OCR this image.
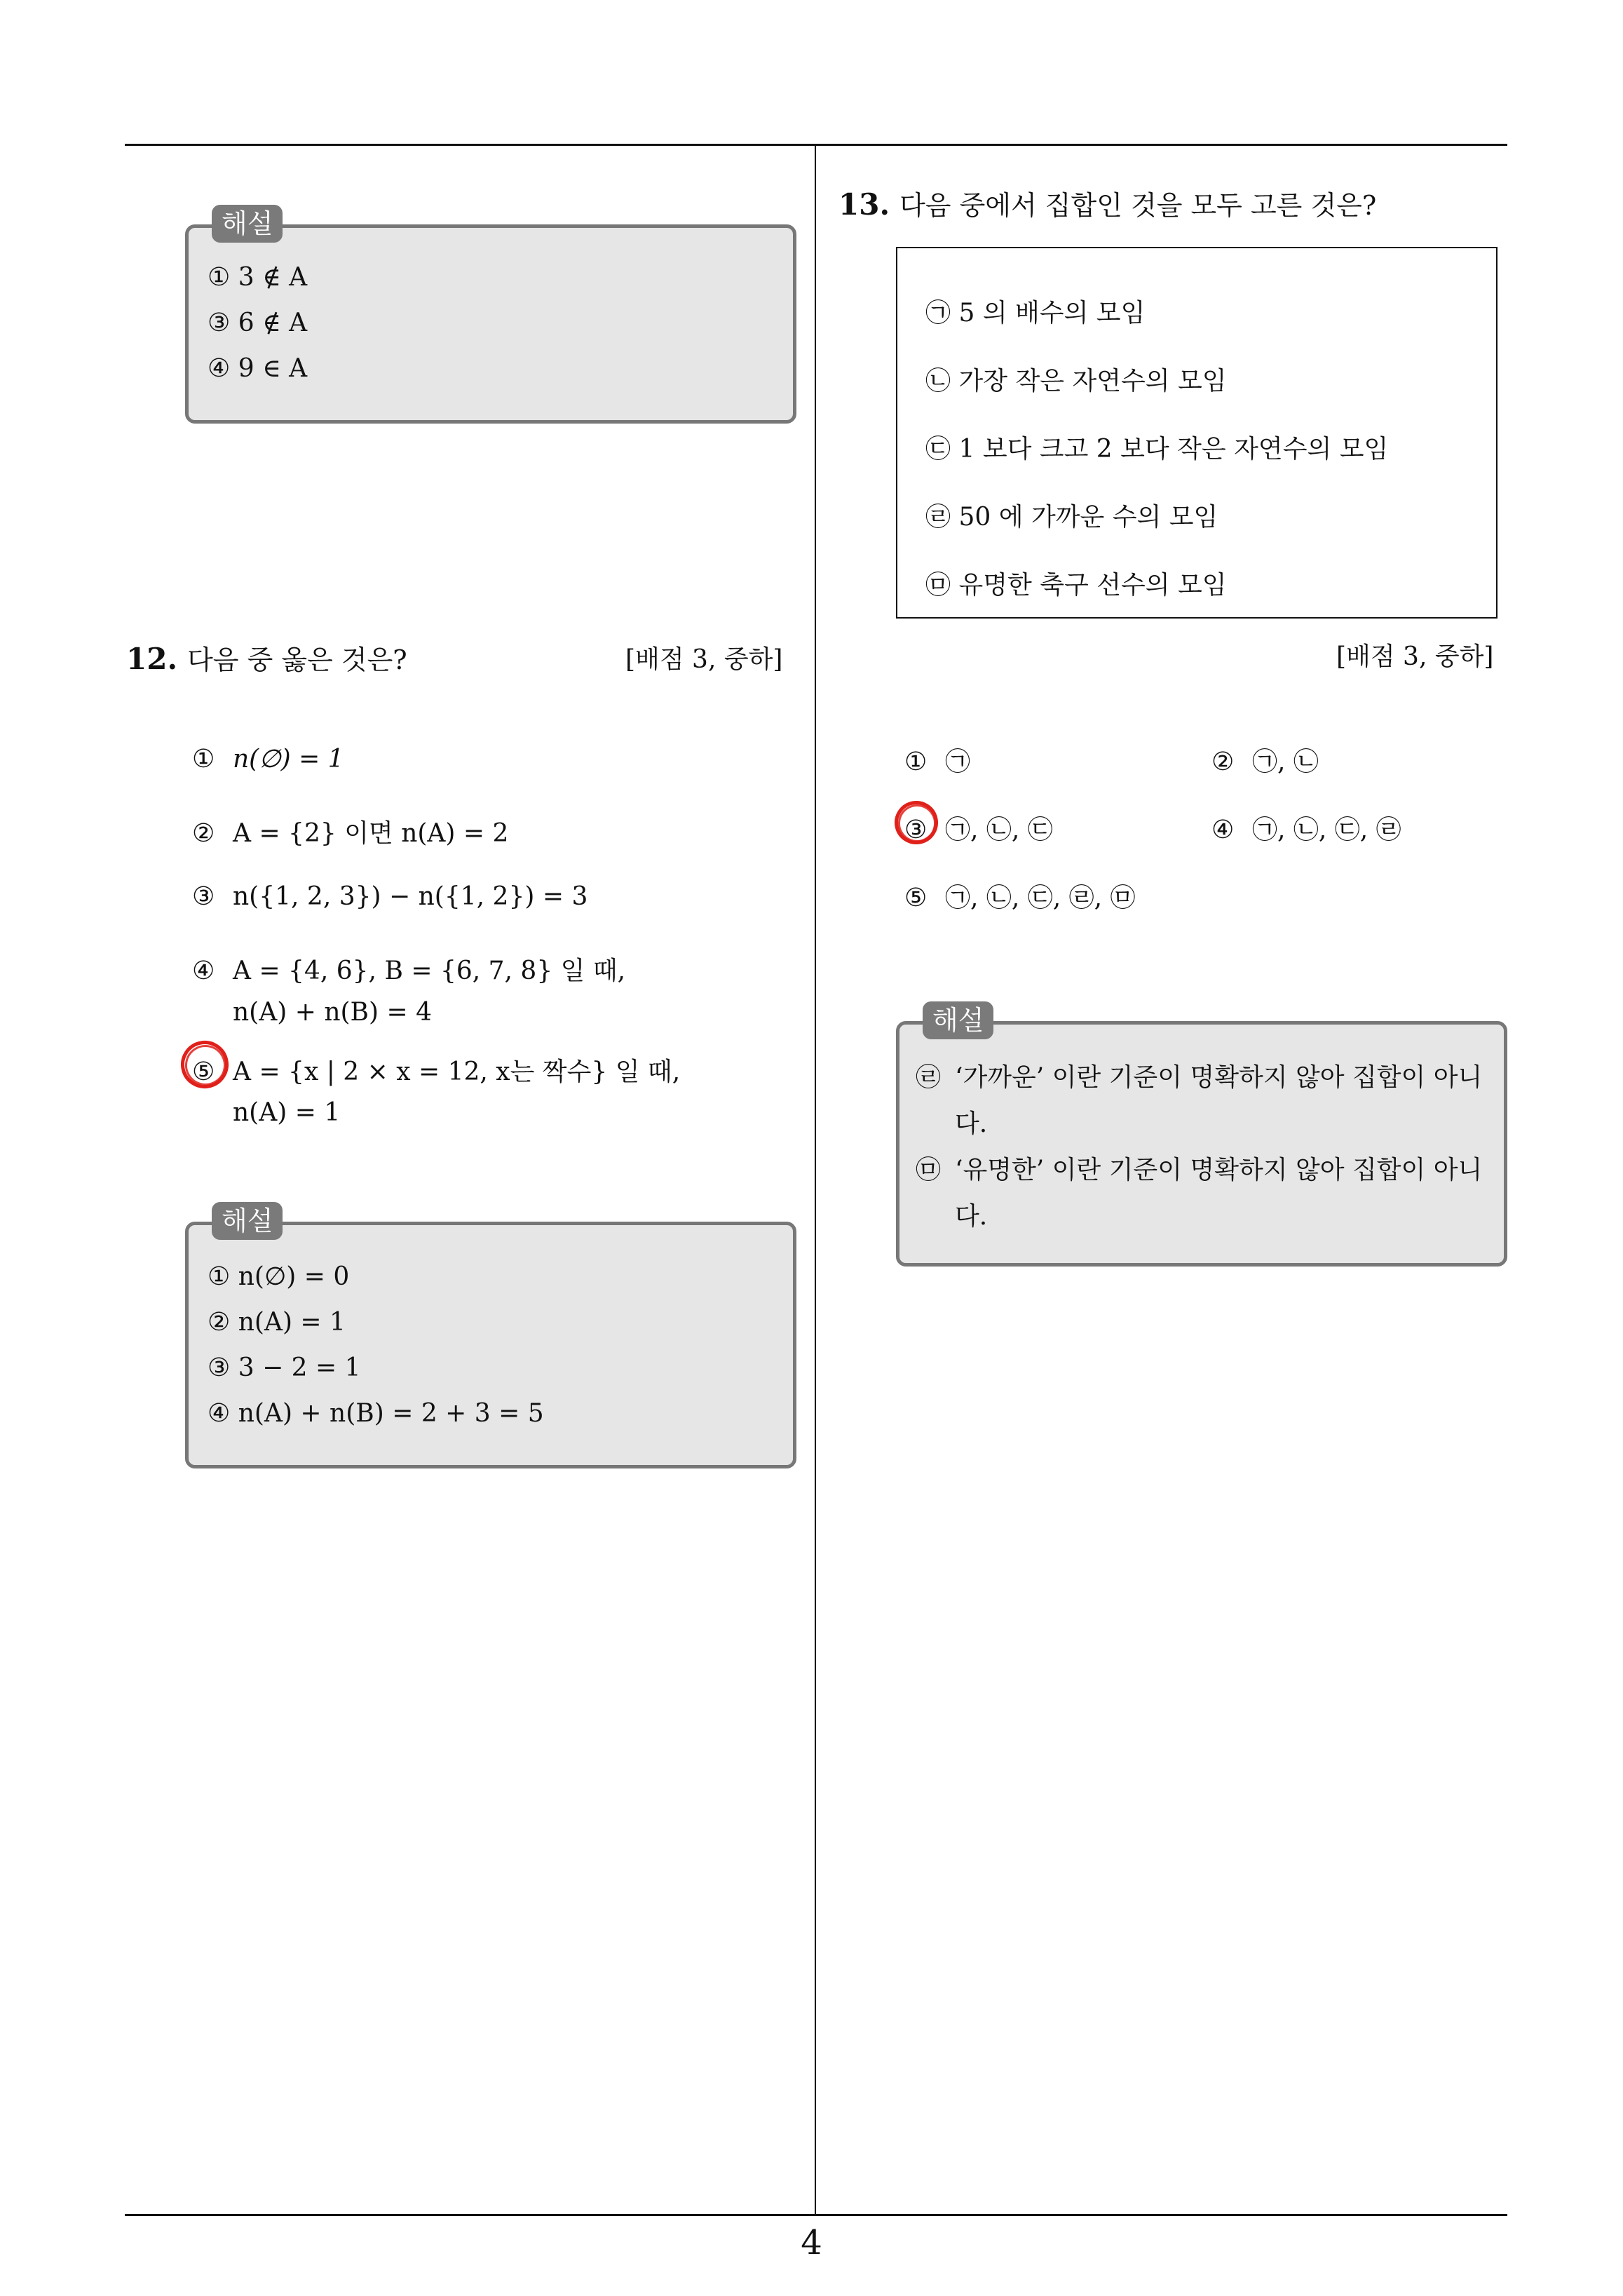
4
해설
① 3 ∉ A
③ 6 ∉ A
④ 9 ∈ A
12. 다음 중 옳은 것은?	[배점 3, 중하]
① n(∅) = 1
② A = {2} 이면 n(A) = 2
③ n({1, 2, 3}) − n({1, 2}) = 3
④ A = {4, 6}, B = {6, 7, 8} 일 때,
n(A) + n(B) = 4
⑤ A = {x | 2 × x = 12, x는 짝수} 일 때,
n(A) = 1
해설
① n(∅) = 0
② n(A) = 1
③ 3 − 2 = 1
④ n(A) + n(B) = 2 + 3 = 5
13. 다음 중에서 집합인 것을 모두 고른 것은?
㉠ 5 의 배수의 모임
㉡ 가장 작은 자연수의 모임
㉢ 1 보다 크고 2 보다 작은 자연수의 모임
㉣ 50 에 가까운 수의 모임
㉤ 유명한 축구 선수의 모임
[배점 3, 중하]
① ㉠	② ㉠, ㉡
③ ㉠, ㉡, ㉢	④ ㉠, ㉡, ㉢, ㉣
⑤ ㉠, ㉡, ㉢, ㉣, ㉤
해설
㉣ ‘가까운’ 이란 기준이 명확하지 않아 집합이 아니다.
㉤ ‘유명한’ 이란 기준이 명확하지 않아 집합이 아니다.
